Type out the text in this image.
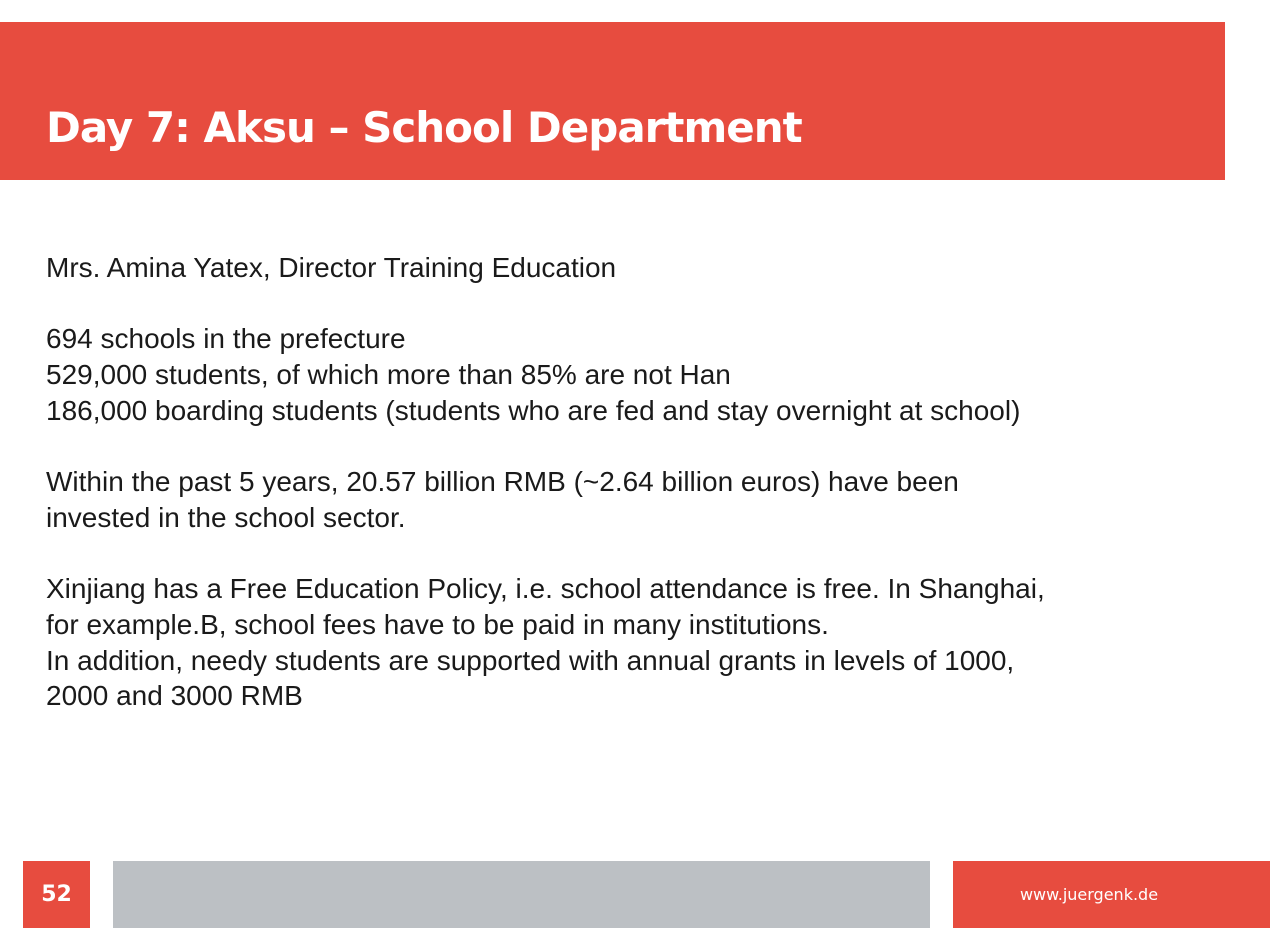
Day 7: Aksu – School Department
Mrs. Amina Yatex, Director Training Education
694 schools in the prefecture
529,000 students, of which more than 85% are not Han
186,000 boarding students (students who are fed and stay overnight at school)
Within the past 5 years, 20.57 billion RMB (~2.64 billion euros) have been
invested in the school sector.
Xinjiang has a Free Education Policy, i.e. school attendance is free. In Shanghai,
for example.B, school fees have to be paid in many institutions.
In addition, needy students are supported with annual grants in levels of 1000,
2000 and 3000 RMB
52	www.juergenk.de
